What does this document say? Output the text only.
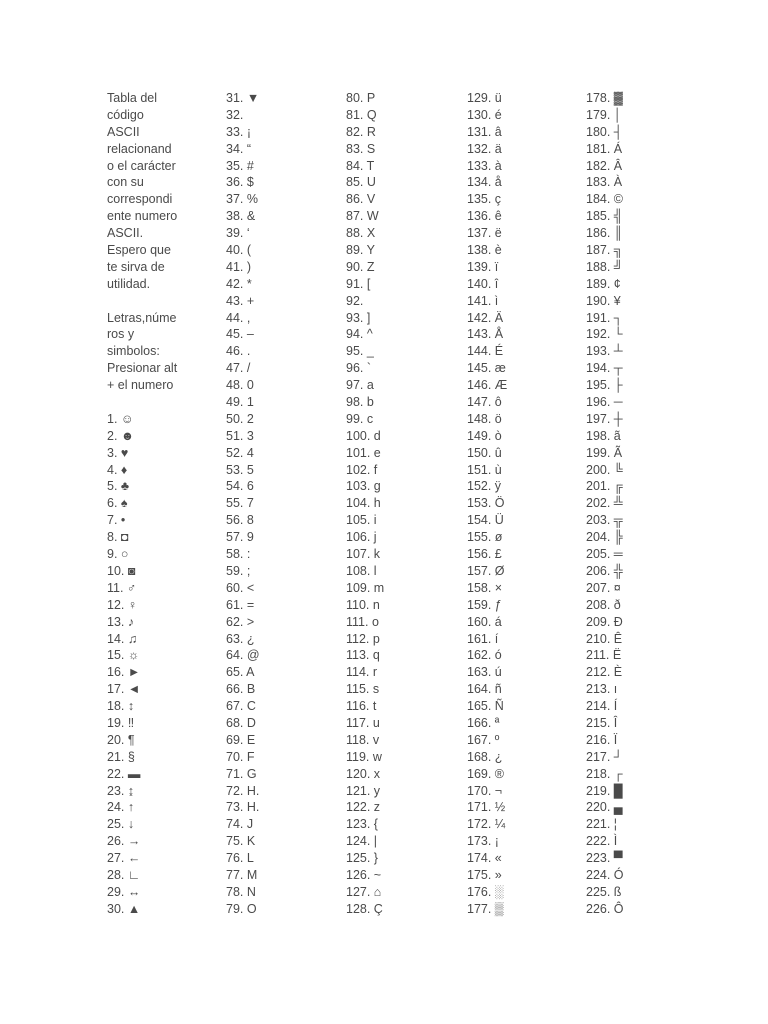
Tabla del
código
ASCII
relacionand
o el carácter
con su
correspondi
ente numero
ASCII.
Espero que
te sirva de
utilidad.
Letras,núme
ros y
simbolos:
Presionar alt
+ el numero
1. ☺
2. ☻
3. ♥
4. ♦
5. ♣
6. ♠
7. •
8. ◘
9. ○
10. ◙
11. ♂
12. ♀
13. ♪
14. ♫
15. ☼
16. ►
17. ◄
18. ↕
19. ‼
20. ¶
21. §
22. ▬
23. ↨
24. ↑
25. ↓
26. →
27. ←
28. ∟
29. ↔
30. ▲
31. ▼
32.
33. ¡
34. “
35. #
36. $
37. %
38. &
39. ‘
40. (
41. )
42. *
43. +
44. ,
45. –
46. .
47. /
48. 0
49. 1
50. 2
51. 3
52. 4
53. 5
54. 6
55. 7
56. 8
57. 9
58. :
59. ;
60. <
61. =
62. >
63. ¿
64. @
65. A
66. B
67. C
68. D
69. E
70. F
71. G
72. H.
73. H.
74. J
75. K
76. L
77. M
78. N
79. O
80. P
81. Q
82. R
83. S
84. T
85. U
86. V
87. W
88. X
89. Y
90. Z
91. [
92.
93. ]
94. ^
95. _
96. `
97. a
98. b
99. c
100. d
101. e
102. f
103. g
104. h
105. i
106. j
107. k
108. l
109. m
110. n
111. o
112. p
113. q
114. r
115. s
116. t
117. u
118. v
119. w
120. x
121. y
122. z
123. {
124. |
125. }
126. ~
127. ⌂
128. Ç
129. ü
130. é
131. â
132. ä
133. à
134. å
135. ç
136. ê
137. ë
138. è
139. ï
140. î
141. ì
142. Ä
143. Å
144. É
145. æ
146. Æ
147. ô
148. ö
149. ò
150. û
151. ù
152. ÿ
153. Ö
154. Ü
155. ø
156. £
157. Ø
158. ×
159. ƒ
160. á
161. í
162. ó
163. ú
164. ñ
165. Ñ
166. ª
167. º
168. ¿
169. ®
170. ¬
171. ½
172. ¼
173. ¡
174. «
175. »
176. ░
177. ▒
178. ▓
179. │
180. ┤
181. Á
182. Â
183. À
184. ©
185. ╣
186. ║
187. ╗
188. ╝
189. ¢
190. ¥
191. ┐
192. └
193. ┴
194. ┬
195. ├
196. ─
197. ┼
198. ã
199. Ã
200. ╚
201. ╔
202. ╩
203. ╦
204. ╠
205. ═
206. ╬
207. ¤
208. ð
209. Ð
210. Ê
211. Ë
212. È
213. ı
214. Í
215. Î
216. Ï
217. ┘
218. ┌
219. █
220. ▄
221. ¦
222. Ì
223. ▀
224. Ó
225. ß
226. Ô
